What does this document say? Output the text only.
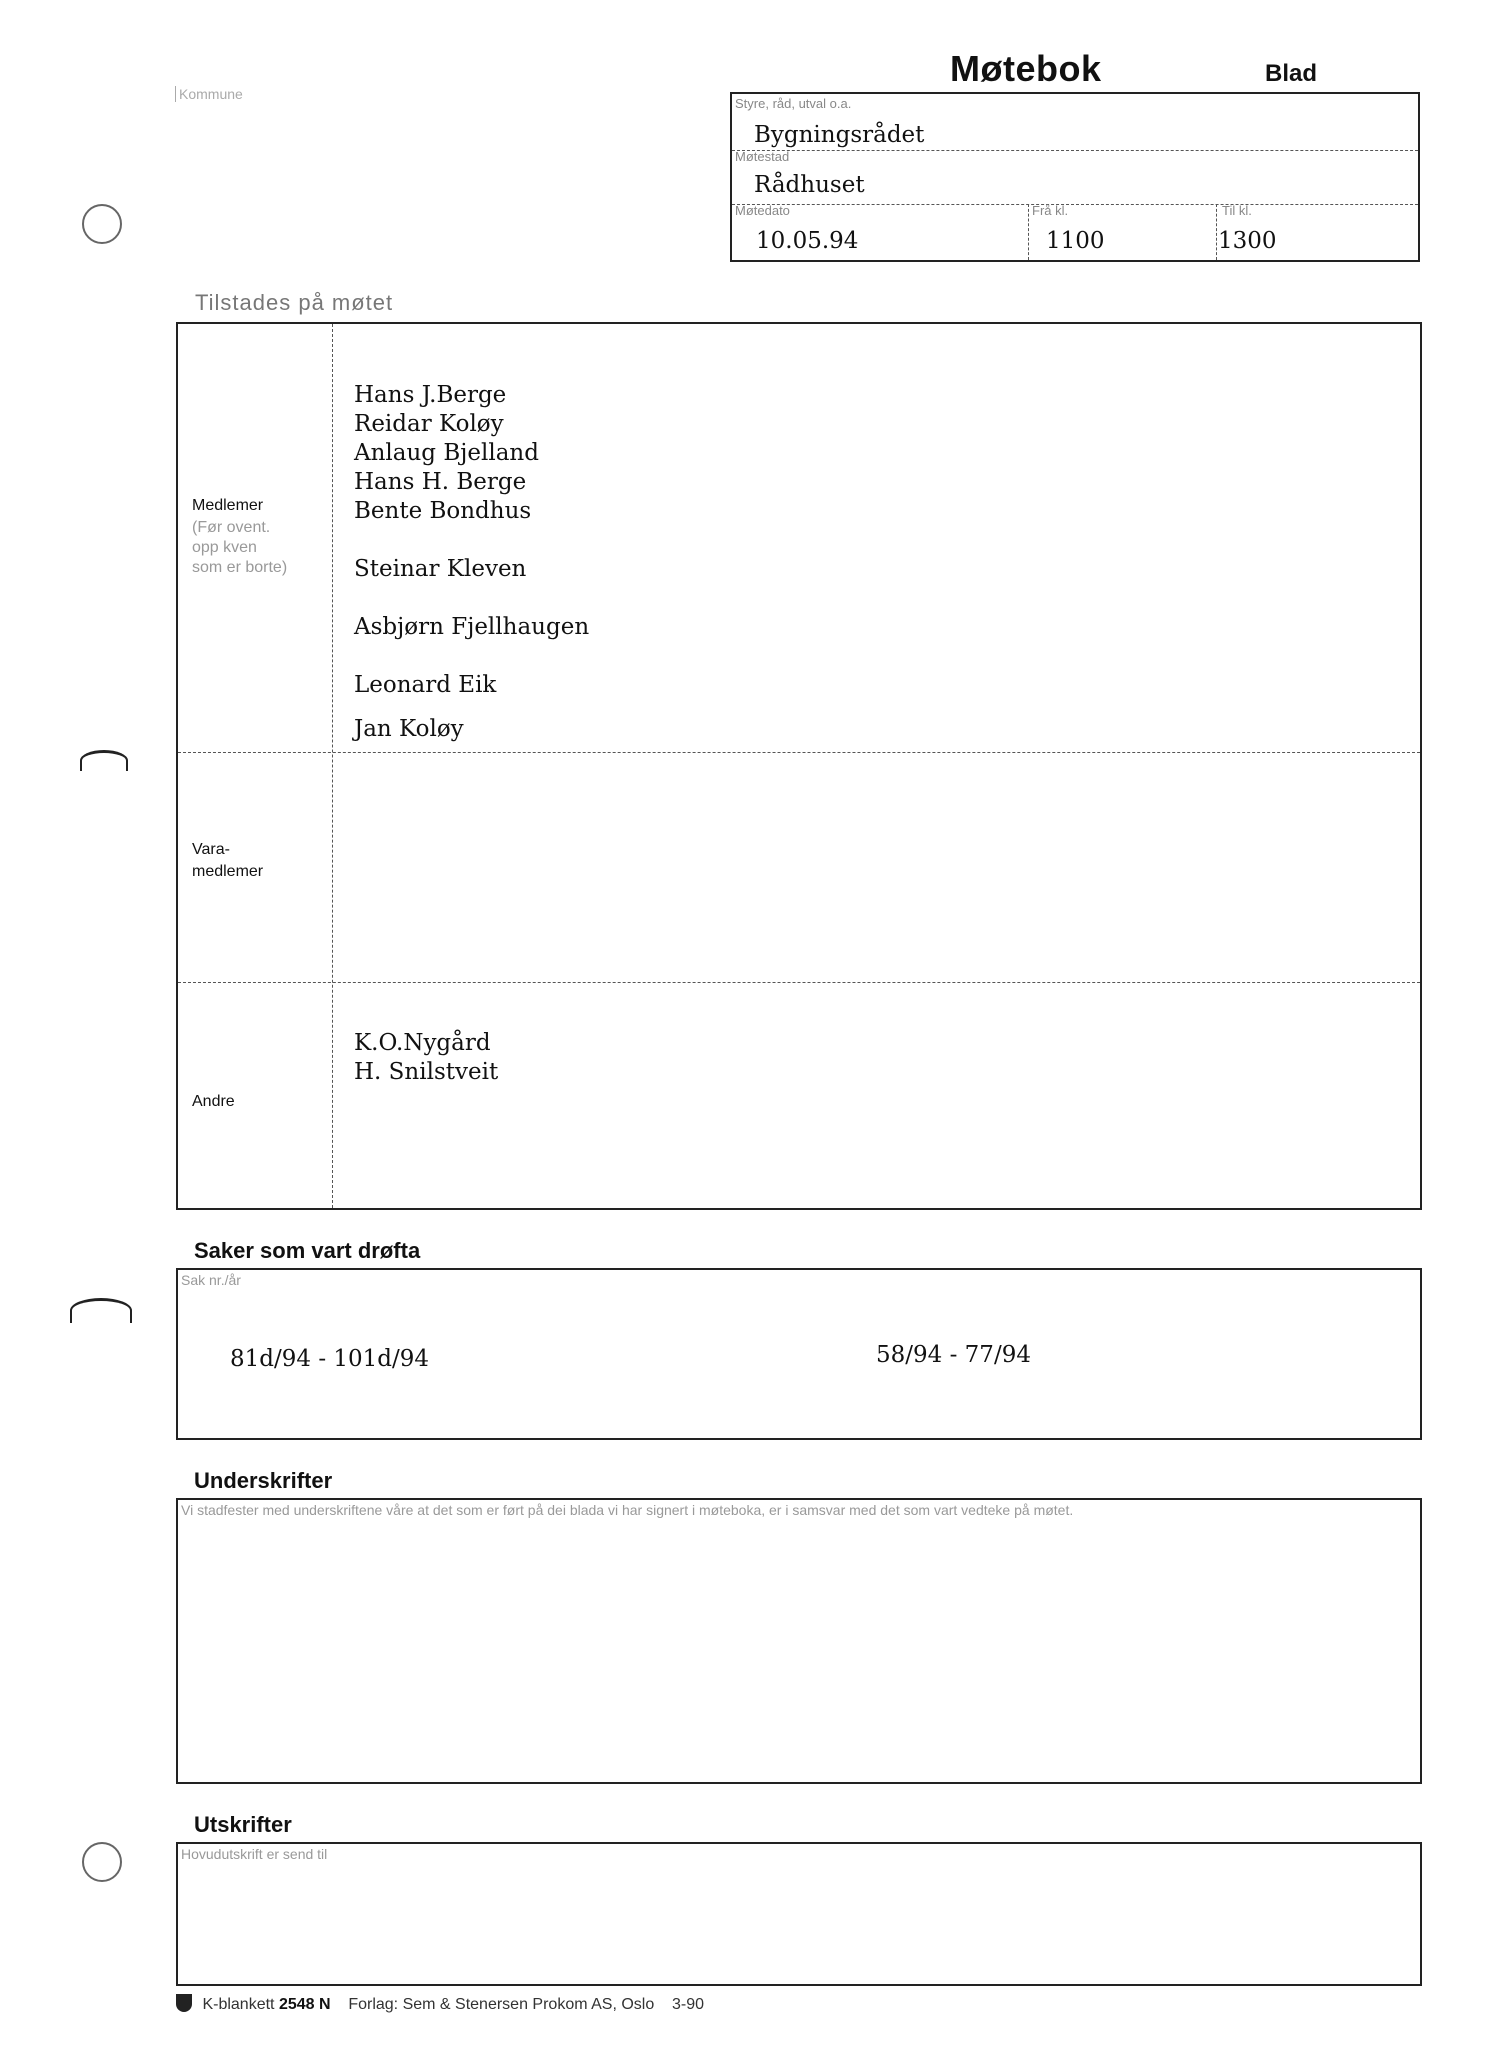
Møtebok	Blad
Kommune
Styre, råd, utval o.a.
Bygningsrådet
Møtestad
Rådhuset
Møtedato
10.05.94
Frå kl.
1100
Til kl.
1300
Tilstades på møtet
Medlemer
(Før ovent.
opp kven
som er borte)
Hans J.Berge
Reidar Koløy
Anlaug Bjelland
Hans H. Berge
Bente Bondhus
Steinar Kleven
Asbjørn Fjellhaugen
Leonard Eik
Jan Koløy
Vara-
medlemer
Andre
K.O.Nygård
H. Snilstveit
Saker som vart drøfta
Sak nr./år
81d/94 - 101d/94	58/94 - 77/94
Underskrifter
Vi stadfester med underskriftene våre at det som er ført på dei blada vi har signert i møteboka, er i samsvar med det som vart vedteke på møtet.
Utskrifter
Hovudutskrift er send til
K-blankett 2548 N Forlag: Sem & Stenersen Prokom AS, Oslo 3-90
